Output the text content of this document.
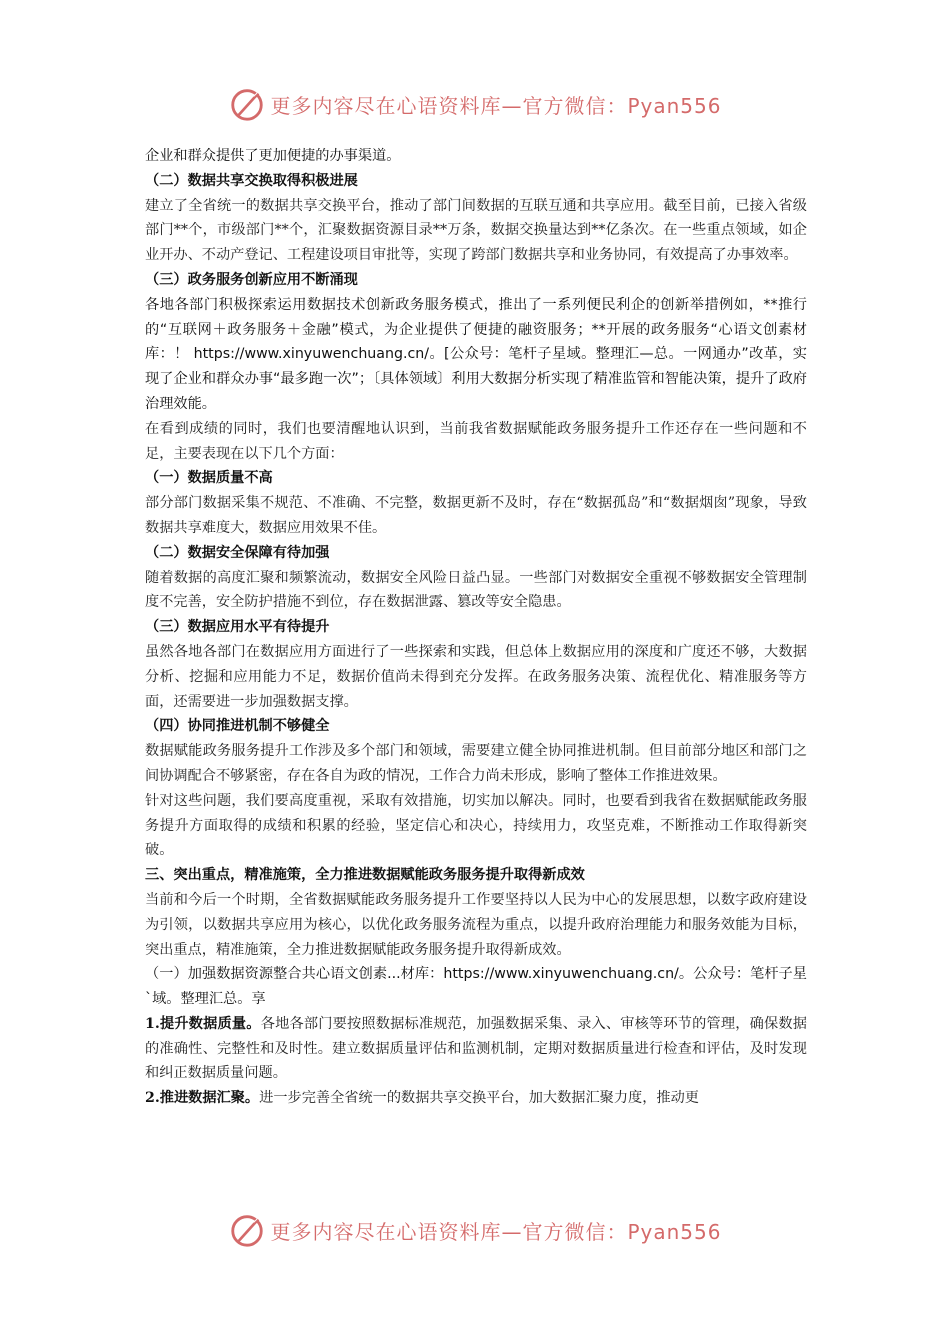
更多内容尽在心语资料库—官方微信：Pyan556

企业和群众提供了更加便捷的办事渠道。

（二）数据共享交换取得积极进展

建立了全省统一的数据共享交换平台，推动了部门间数据的互联互通和共享应用。截至目前，已接入省级部门**个，市级部门**个，汇聚数据资源目录**万条，数据交换量达到**亿条次。在一些重点领域，如企业开办、不动产登记、工程建设项目审批等，实现了跨部门数据共享和业务协同，有效提高了办事效率。

（三）政务服务创新应用不断涌现

各地各部门积极探索运用数据技术创新政务服务模式，推出了一系列便民利企的创新举措例如，**推行的“互联网＋政务服务＋金融”模式，为企业提供了便捷的融资服务；**开展的政务服务“心语文创素材库：！ https://www.xinyuwenchuang.cn/。[公众号：笔杆子星域。整理汇—总。一网通办”改革，实现了企业和群众办事“最多跑一次”；〔具体领域〕利用大数据分析实现了精准监管和智能决策，提升了政府治理效能。

在看到成绩的同时，我们也要清醒地认识到，当前我省数据赋能政务服务提升工作还存在一些问题和不足，主要表现在以下几个方面：

（一）数据质量不高

部分部门数据采集不规范、不准确、不完整，数据更新不及时，存在“数据孤岛”和“数据烟囱”现象，导致数据共享难度大，数据应用效果不佳。

（二）数据安全保障有待加强

随着数据的高度汇聚和频繁流动，数据安全风险日益凸显。一些部门对数据安全重视不够数据安全管理制度不完善，安全防护措施不到位，存在数据泄露、篡改等安全隐患。

（三）数据应用水平有待提升

虽然各地各部门在数据应用方面进行了一些探索和实践，但总体上数据应用的深度和广度还不够，大数据分析、挖掘和应用能力不足，数据价值尚未得到充分发挥。在政务服务决策、流程优化、精准服务等方面，还需要进一步加强数据支撑。

（四）协同推进机制不够健全

数据赋能政务服务提升工作涉及多个部门和领域，需要建立健全协同推进机制。但目前部分地区和部门之间协调配合不够紧密，存在各自为政的情况，工作合力尚未形成，影响了整体工作推进效果。

针对这些问题，我们要高度重视，采取有效措施，切实加以解决。同时，也要看到我省在数据赋能政务服务提升方面取得的成绩和积累的经验，坚定信心和决心，持续用力，攻坚克难，不断推动工作取得新突破。

三、突出重点，精准施策，全力推进数据赋能政务服务提升取得新成效

当前和今后一个时期，全省数据赋能政务服务提升工作要坚持以人民为中心的发展思想，以数字政府建设为引领，以数据共享应用为核心，以优化政务服务流程为重点，以提升政府治理能力和服务效能为目标，突出重点，精准施策，全力推进数据赋能政务服务提升取得新成效。

（一）加强数据资源整合共心语文创素...材库：https://www.xinyuwenchuang.cn/。公众号：笔杆子星`域。整理汇总。享

1.提升数据质量。各地各部门要按照数据标准规范，加强数据采集、录入、审核等环节的管理，确保数据的准确性、完整性和及时性。建立数据质量评估和监测机制，定期对数据质量进行检查和评估，及时发现和纠正数据质量问题。

2.推进数据汇聚。进一步完善全省统一的数据共享交换平台，加大数据汇聚力度，推动更

更多内容尽在心语资料库—官方微信：Pyan556
